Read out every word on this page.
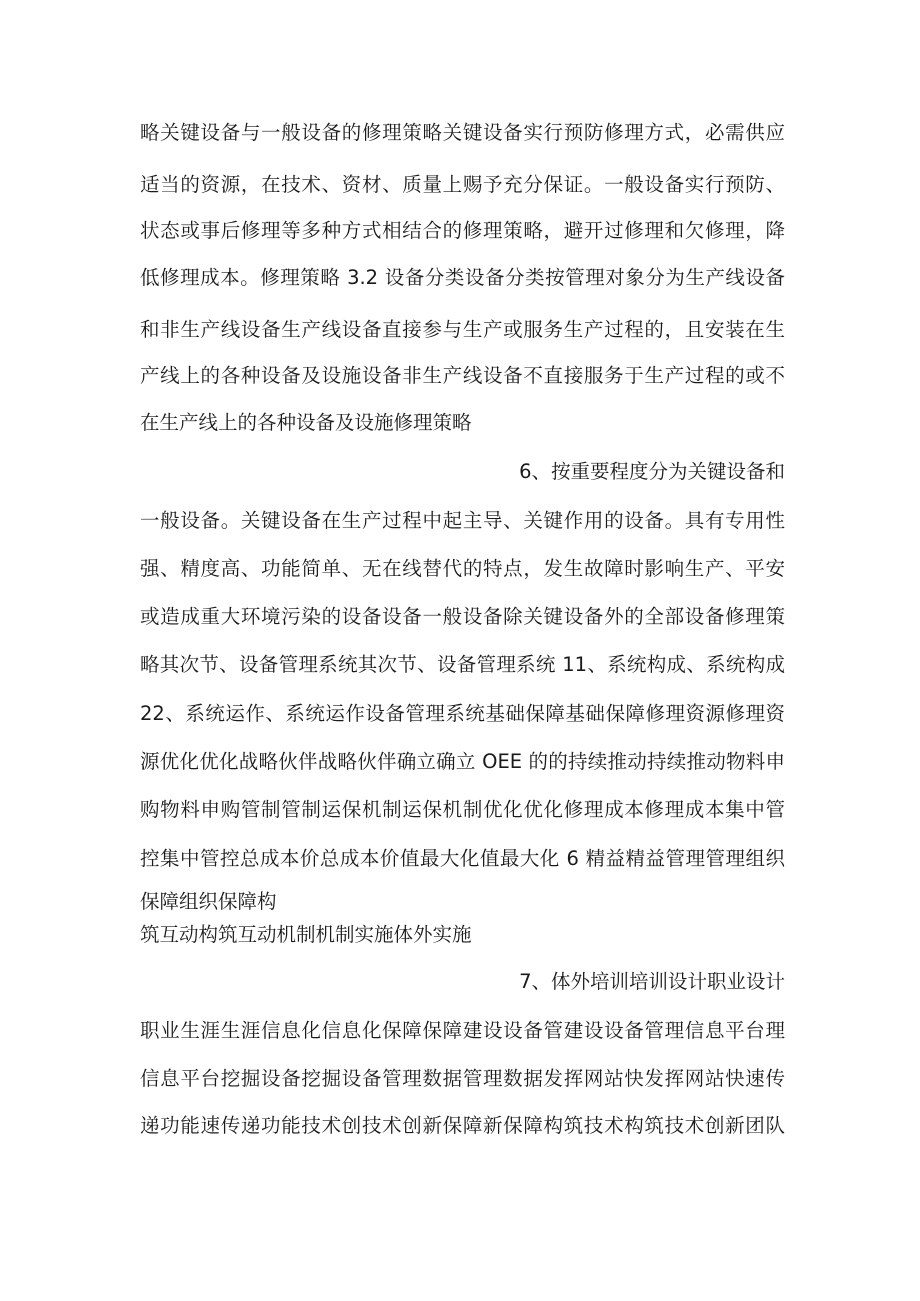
略关键设备与一般设备的修理策略关键设备实行预防修理方式，必需供应
适当的资源，在技术、资材、质量上赐予充分保证。一般设备实行预防、
状态或事后修理等多种方式相结合的修理策略，避开过修理和欠修理，降
低修理成本。修理策略 3.2 设备分类设备分类按管理对象分为生产线设备
和非生产线设备生产线设备直接参与生产或服务生产过程的，且安装在生
产线上的各种设备及设施设备非生产线设备不直接服务于生产过程的或不
在生产线上的各种设备及设施修理策略
6、按重要程度分为关键设备和
一般设备。关键设备在生产过程中起主导、关键作用的设备。具有专用性
强、精度高、功能简单、无在线替代的特点，发生故障时影响生产、平安
或造成重大环境污染的设备设备一般设备除关键设备外的全部设备修理策
略其次节、设备管理系统其次节、设备管理系统 11、系统构成、系统构成
22、系统运作、系统运作设备管理系统基础保障基础保障修理资源修理资
源优化优化战略伙伴战略伙伴确立确立 OEE 的的持续推动持续推动物料申
购物料申购管制管制运保机制运保机制优化优化修理成本修理成本集中管
控集中管控总成本价总成本价值最大化值最大化 6 精益精益管理管理组织
保障组织保障构
筑互动构筑互动机制机制实施体外实施
7、体外培训培训设计职业设计
职业生涯生涯信息化信息化保障保障建设设备管建设设备管理信息平台理
信息平台挖掘设备挖掘设备管理数据管理数据发挥网站快发挥网站快速传
递功能速传递功能技术创技术创新保障新保障构筑技术构筑技术创新团队
